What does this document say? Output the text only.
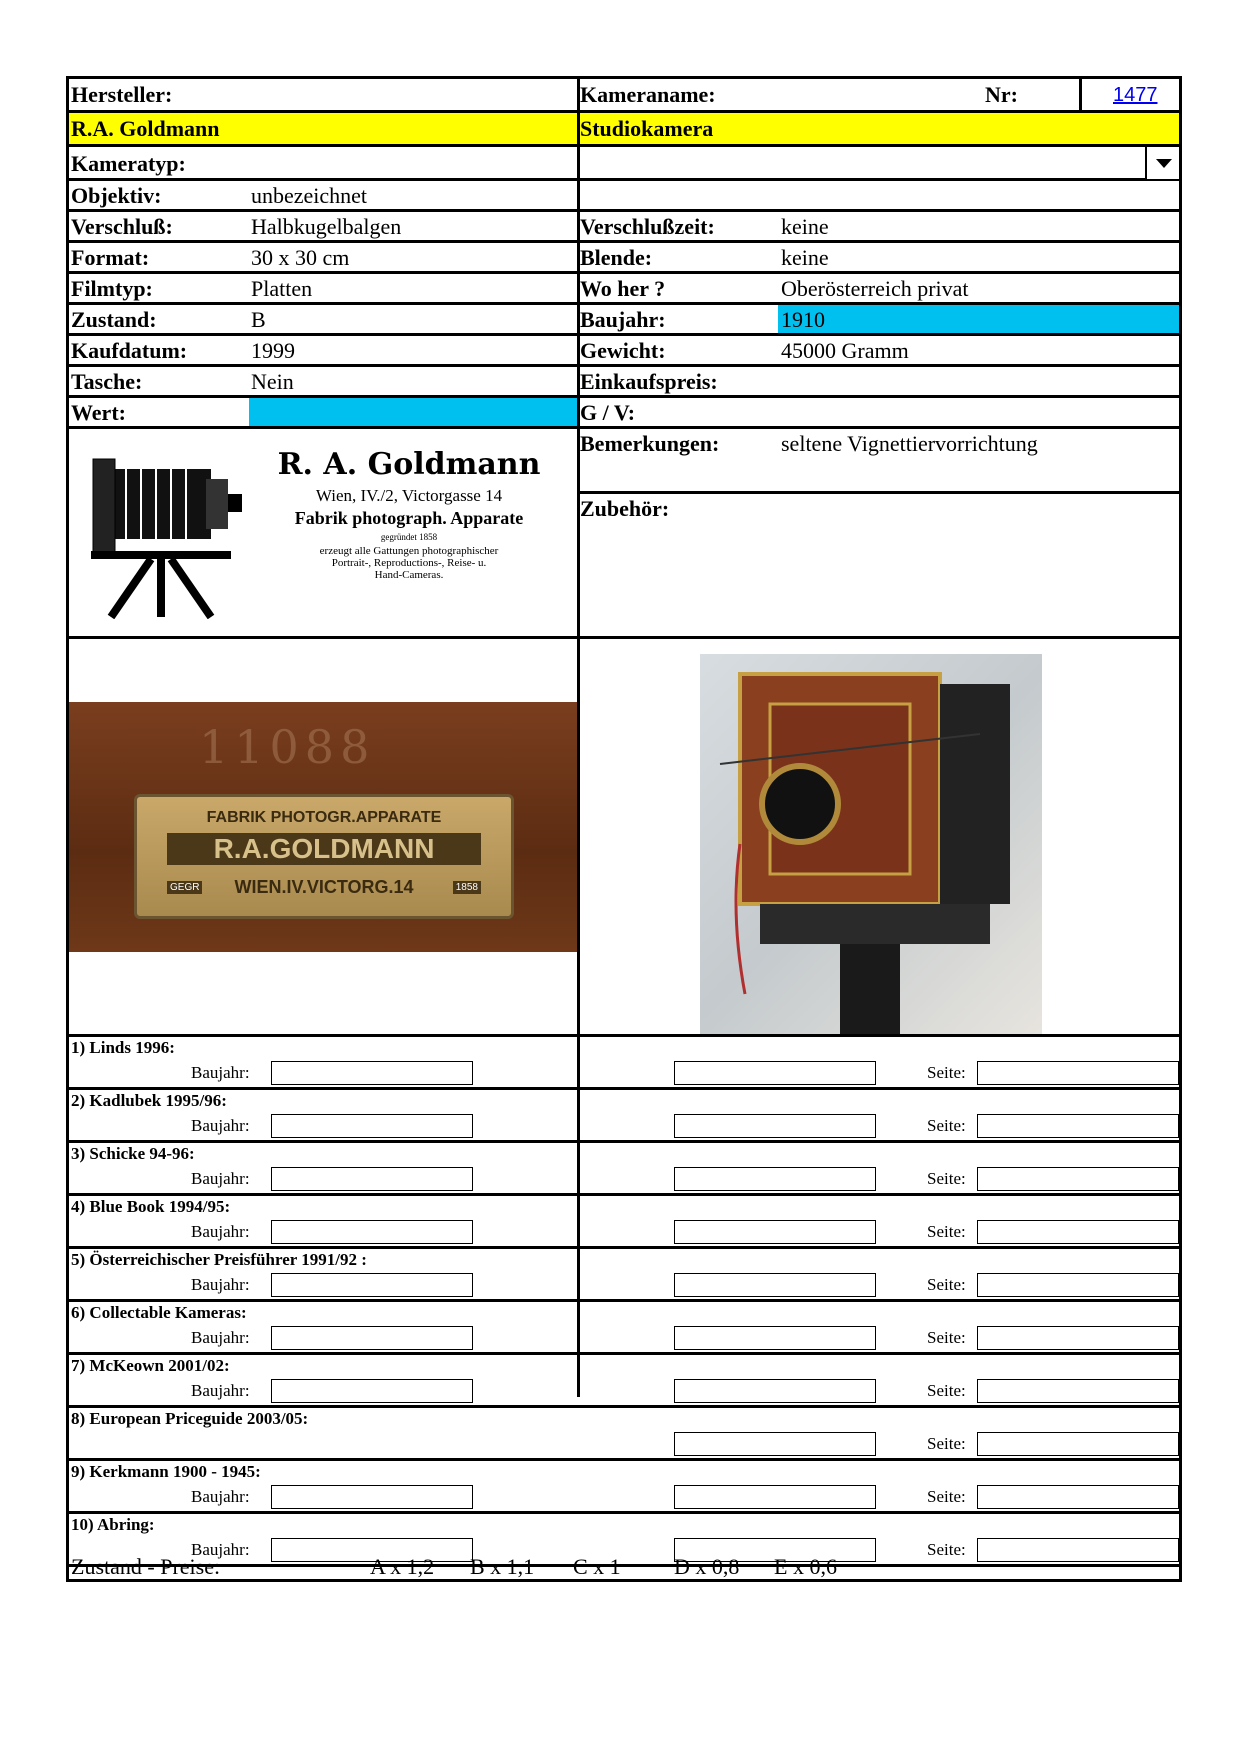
Hersteller:	Kameraname:	Nr:	1477
R.A. Goldmann	Studiokamera
Kameratyp:
Objektiv:	unbezeichnet
Verschluß:	Halbkugelbalgen	Verschlußzeit:	keine
Format:	30 x 30 cm	Blende:	keine
Filmtyp:	Platten	Wo her ?	Oberösterreich privat
Zustand:	B	Baujahr:	1910
Kaufdatum:	1999	Gewicht:	45000 Gramm
Tasche:	Nein	Einkaufspreis:
Wert:	G / V:
R. A. Goldmann
Wien, IV./2, Victorgasse 14
Fabrik photograph. Apparate
gegründet 1858
erzeugt alle Gattungen photographischer
Portrait-, Reproductions-, Reise- u.
Hand-Cameras.
Bemerkungen:	seltene Vignettiervorrichtung
Zubehör:
11088
FABRIK PHOTOGR.APPARATE
R.A.GOLDMANN
GEGR	WIEN.IV.VICTORG.14	1858
1) Linds 1996:
Baujahr:	Seite:
2) Kadlubek 1995/96:
Baujahr:	Seite:
3) Schicke 94-96:
Baujahr:	Seite:
4) Blue Book 1994/95:
Baujahr:	Seite:
5) Österreichischer Preisführer 1991/92 :
Baujahr:	Seite:
6) Collectable Kameras:
Baujahr:	Seite:
7) McKeown 2001/02:
Baujahr:	Seite:
8) European Priceguide 2003/05:
Seite:
9) Kerkmann 1900 - 1945:
Baujahr:	Seite:
10) Abring:
Baujahr:	Seite:
Zustand - Preise:	A x 1,2 B x 1,1 C x 1 D x 0,8 E x 0,6
